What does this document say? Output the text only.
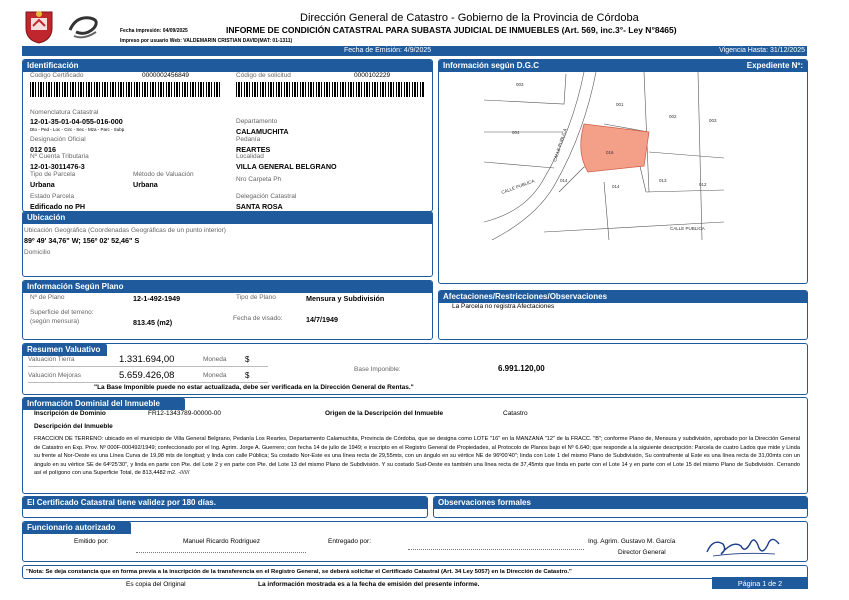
Dirección General de Catastro - Gobierno de la Provincia de Córdoba
Fecha impresión: 04/09/2025	INFORME DE CONDICIÓN CATASTRAL PARA SUBASTA JUDICIAL DE INMUEBLES (Art. 569, inc.3°- Ley N°8465)
Impreso por usuario Web: VALDEMARIN CRISTIAN DAVID(MAT: 01-1311)
Fecha de Emisión: 4/9/2025	Vigencia Hasta: 31/12/2025
Identificación
Codigo Certificado	0000002456849	Código de solicitud	0000102229
Nomenclatura Catastral
12-01-35-01-04-055-016-000
Dto - Ped - Loc - Circ - Sec - Mza - Parc - Subp
Designación Oficial
012 016
Nº Cuenta Tributaria
12-01-3011476-3
Tipo de Parcela
Urbana
Método de Valuación
Urbana
Estado Parcela
Edificado no PH
Departamento
CALAMUCHITA
Pedanía
REARTES
Localidad
VILLA GENERAL BELGRANO
Nro Carpeta Ph
Delegación Catastral
SANTA ROSA
Información según D.G.C	Expediente Nº:
003
001
002
003
004
016
014
014
013
012
CALLE PUBLICA
CALLE PUBLICA
CALLE PUBLICA
Ubicación
Ubicación Geográfica (Coordenadas Geográficas de un punto interior)
89º 49' 34,76" W; 156º 02' 52,46" S
Domicilio
Información Según Plano
Nº de Plano	12-1-492-1949	Tipo de Plano	Mensura y Subdivisión
Superficie del terreno:
(según mensura)	813.45 (m2)	Fecha de visado:	14/7/1949
Afectaciones/Restricciones/Observaciones
La Parcela no registra Afectaciones
Resumen Valuativo
Valuación Tierra	1.331.694,00	Moneda $
Valuación Mejoras	5.659.426,08	Moneda $
Base Imponible:	6.991.120,00
"La Base Imponible puede no estar actualizada, debe ser verificada en la Dirección General de Rentas."
Información Dominial del Inmueble
Inscripción de Dominio	FR12-1343789-00000-00	Origen de la Descripción del Inmueble	Catastro
Descripción del Inmueble
FRACCION DE TERRENO: ubicado en el municipio de Villa General Belgrano, Pedanía Los Reartes, Departamento Calamuchita, Provincia de Córdoba, que se designa como LOTE "16" en la MANZANA "12" de la FRACC. "B"; conforme Plano de, Mensura y subdivisión, aprobado por la Dirección General de Catastro en Exp. Prov. Nº 000F-000492/1949; confeccionado por el Ing. Agrim. Jorge A. Guerrero; con fecha 14 de julio de 1949; e inscripto en el Registro General de Propiedades, al Protocolo de Planos bajo el Nº 6.640; que responde a la siguiente descripción: Parcela de cuatro Lados que mide y Linda su frente al Nor-Oeste es una Línea Curva de 19,98 mts de longitud; y linda con calle Pública; Su costado Nor-Este es una línea recta de 29,55mts, con un ángulo en su vértice NE de 96º00'40"; linda con Lote 1 del mismo Plano de Subdivisión, Su contrafrente al Este es una línea recta de 31,00mts con un ángulo en su vértice SE de 64º25'30", y linda en parte con Pte. del Lote 2 y en parte con Pte. del Lote 13 del mismo Plano de Subdivisión. Y su costado Sud-Oeste es también una línea recta de 37,45mts que linda en parte con el Lote 14 y en parte con el Lote 15 del mismo Plano de Subdivisión. Cerrando así el polígono con una Superficie Total, de 813,4482 m2. -//////
El Certificado Catastral tiene validez por 180 días.	Observaciones formales
Funcionario autorizado
Emitido por:	Manuel Ricardo Rodriguez	Entregado por:	Ing. Agrim. Gustavo M. García
Director General
"Nota: Se deja constancia que en forma previa a la inscripción de la transferencia en el Registro General, se deberá solicitar el Certificado Catastral (Art. 34 Ley 5057) en la Dirección de Catastro."
Es copia del Original	La información mostrada es a la fecha de emisión del presente informe.	Página 1 de 2
